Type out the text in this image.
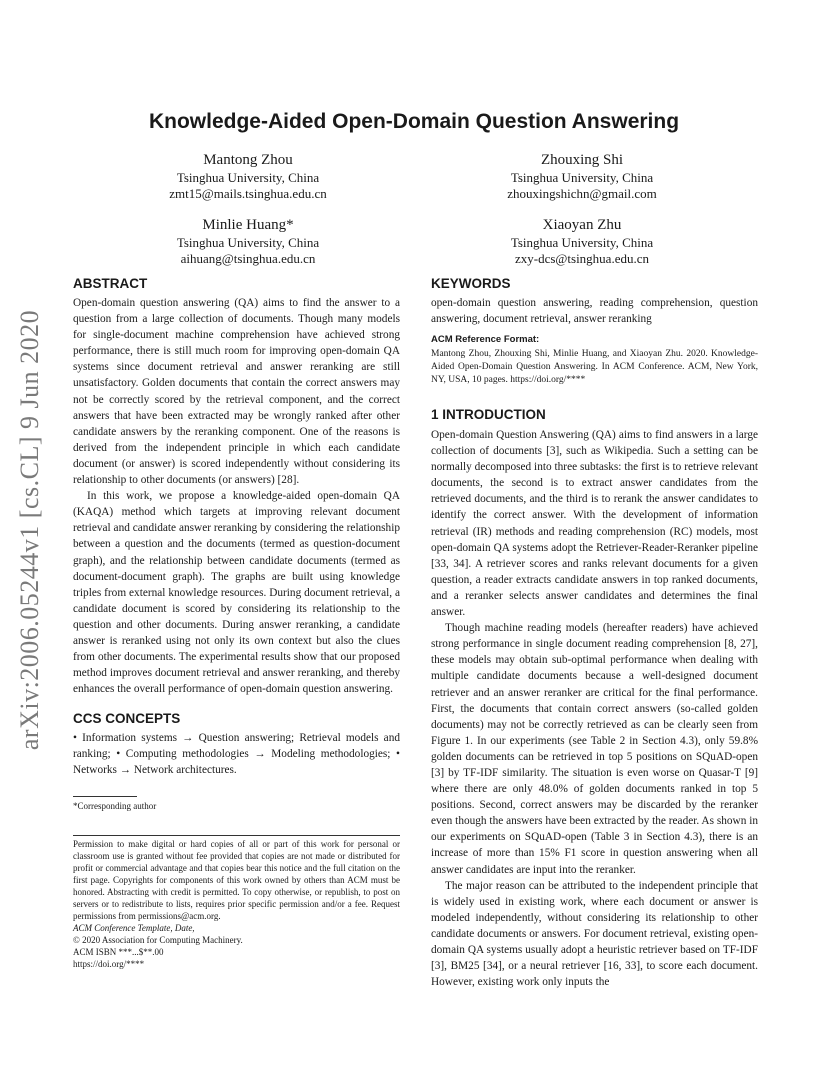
arXiv:2006.05244v1 [cs.CL] 9 Jun 2020
Knowledge-Aided Open-Domain Question Answering
Mantong Zhou
Tsinghua University, China
zmt15@mails.tsinghua.edu.cn
Zhouxing Shi
Tsinghua University, China
zhouxingshichn@gmail.com
Minlie Huang*
Tsinghua University, China
aihuang@tsinghua.edu.cn
Xiaoyan Zhu
Tsinghua University, China
zxy-dcs@tsinghua.edu.cn
ABSTRACT

Open-domain question answering (QA) aims to find the answer to a question from a large collection of documents. Though many models for single-document machine comprehension have achieved strong performance, there is still much room for improving open-domain QA systems since document retrieval and answer reranking are still unsatisfactory. Golden documents that contain the correct answers may not be correctly scored by the retrieval component, and the correct answers that have been extracted may be wrongly ranked after other candidate answers by the reranking component. One of the reasons is derived from the independent principle in which each candidate document (or answer) is scored independently without considering its relationship to other documents (or answers) [28].

In this work, we propose a knowledge-aided open-domain QA (KAQA) method which targets at improving relevant document retrieval and candidate answer reranking by considering the relationship between a question and the documents (termed as question-document graph), and the relationship between candidate documents (termed as document-document graph). The graphs are built using knowledge triples from external knowledge resources. During document retrieval, a candidate document is scored by considering its relationship to the question and other documents. During answer reranking, a candidate answer is reranked using not only its own context but also the clues from other documents. The experimental results show that our proposed method improves document retrieval and answer reranking, and thereby enhances the overall performance of open-domain question answering.

CCS CONCEPTS
• Information systems → Question answering; Retrieval models and ranking; • Computing methodologies → Modeling methodologies; • Networks → Network architectures.
*Corresponding author

Permission to make digital or hard copies of all or part of this work for personal or classroom use is granted without fee provided that copies are not made or distributed for profit or commercial advantage and that copies bear this notice and the full citation on the first page. Copyrights for components of this work owned by others than ACM must be honored. Abstracting with credit is permitted. To copy otherwise, or republish, to post on servers or to redistribute to lists, requires prior specific permission and/or a fee. Request permissions from permissions@acm.org.

ACM Conference Template, Date,

© 2020 Association for Computing Machinery.

ACM ISBN ***...$**.00

https://doi.org/****

KEYWORDS
open-domain question answering, reading comprehension, question answering, document retrieval, answer reranking
ACM Reference Format:
Mantong Zhou, Zhouxing Shi, Minlie Huang, and Xiaoyan Zhu. 2020. Knowledge-Aided Open-Domain Question Answering. In ACM Conference. ACM, New York, NY, USA, 10 pages. https://doi.org/****
1 INTRODUCTION

Open-domain Question Answering (QA) aims to find answers in a large collection of documents [3], such as Wikipedia. Such a setting can be normally decomposed into three subtasks: the first is to retrieve relevant documents, the second is to extract answer candidates from the retrieved documents, and the third is to rerank the answer candidates to identify the correct answer. With the development of information retrieval (IR) methods and reading comprehension (RC) models, most open-domain QA systems adopt the Retriever-Reader-Reranker pipeline [33, 34]. A retriever scores and ranks relevant documents for a given question, a reader extracts candidate answers in top ranked documents, and a reranker selects answer candidates and determines the final answer.

Though machine reading models (hereafter readers) have achieved strong performance in single document reading comprehension [8, 27], these models may obtain sub-optimal performance when dealing with multiple candidate documents because a well-designed document retriever and an answer reranker are critical for the final performance. First, the documents that contain correct answers (so-called golden documents) may not be correctly retrieved as can be clearly seen from Figure 1. In our experiments (see Table 2 in Section 4.3), only 59.8% golden documents can be retrieved in top 5 positions on SQuAD-open [3] by TF-IDF similarity. The situation is even worse on Quasar-T [9] where there are only 48.0% of golden documents ranked in top 5 positions. Second, correct answers may be discarded by the reranker even though the answers have been extracted by the reader. As shown in our experiments on SQuAD-open (Table 3 in Section 4.3), there is an increase of more than 15% F1 score in question answering when all answer candidates are input into the reranker.

The major reason can be attributed to the independent principle that is widely used in existing work, where each document or answer is modeled independently, without considering its relationship to other candidate documents or answers. For document retrieval, existing open-domain QA systems usually adopt a heuristic retriever based on TF-IDF [3], BM25 [34], or a neural retriever [16, 33], to score each document. However, existing work only inputs the
